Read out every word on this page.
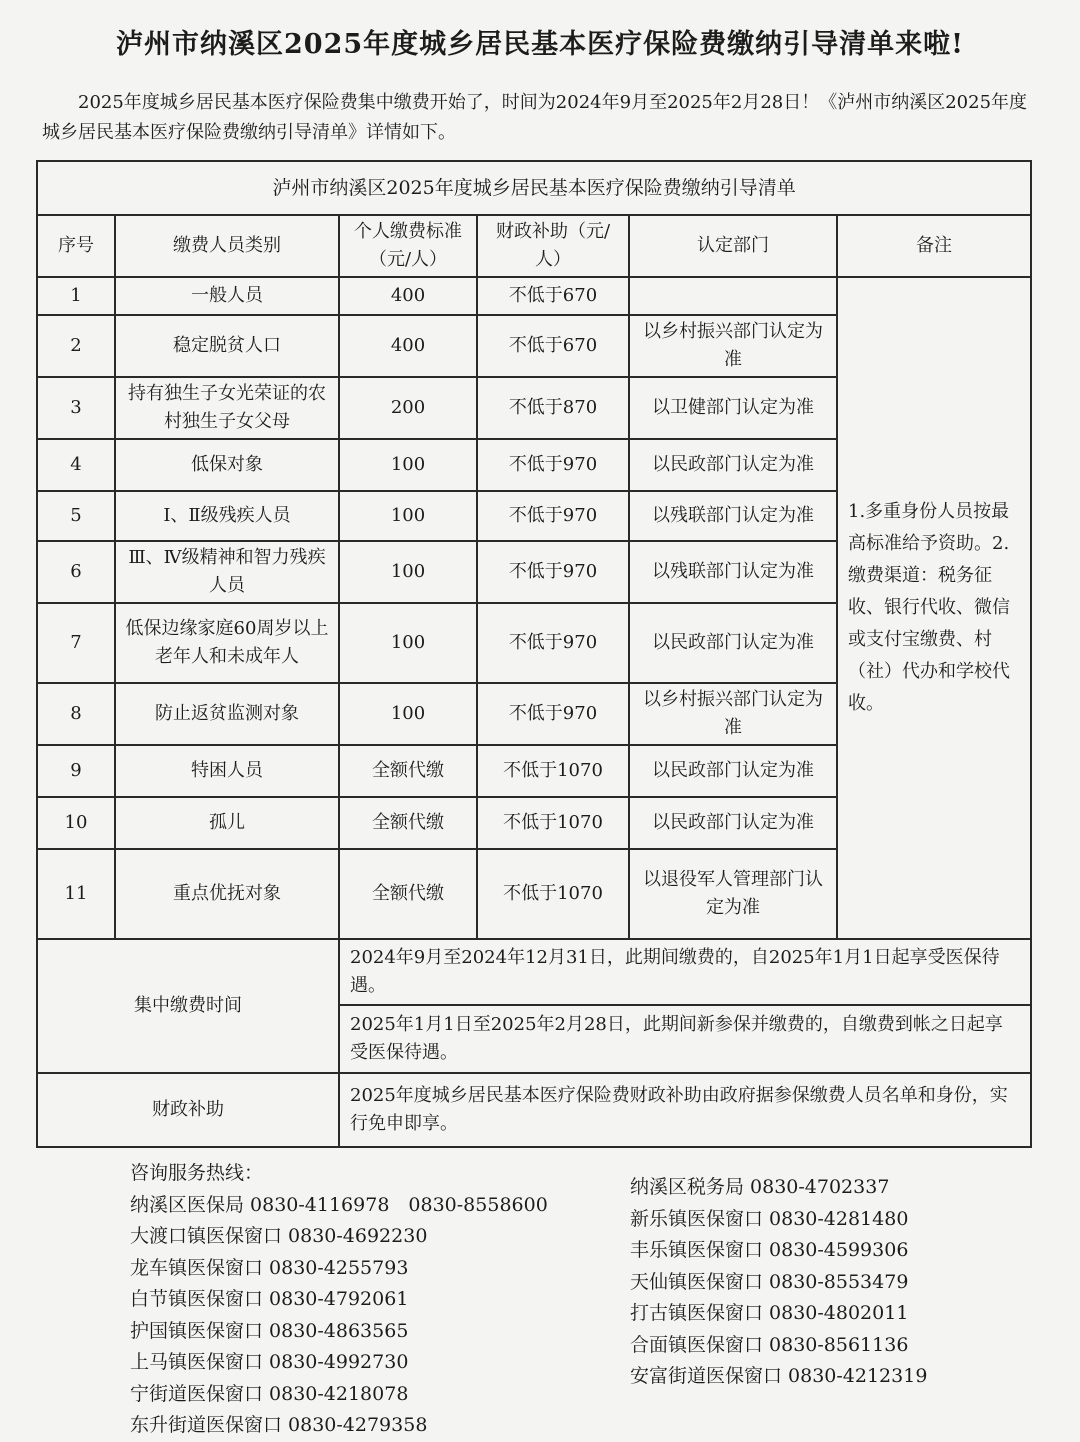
泸州市纳溪区2025年度城乡居民基本医疗保险费缴纳引导清单来啦!
2025年度城乡居民基本医疗保险费集中缴费开始了，时间为2024年9月至2025年2月28日！《泸州市纳溪区2025年度城乡居民基本医疗保险费缴纳引导清单》详情如下。
泸州市纳溪区2025年度城乡居民基本医疗保险费缴纳引导清单					
序号	缴费人员类别	个人缴费标准（元/人）	财政补助（元/人）	认定部门	备注
1	一般人员	400	不低于670		1.多重身份人员按最高标准给予资助。2.缴费渠道：税务征收、银行代收、微信或支付宝缴费、村（社）代办和学校代收。
2	稳定脱贫人口	400	不低于670	以乡村振兴部门认定为准	
3	持有独生子女光荣证的农村独生子女父母	200	不低于870	以卫健部门认定为准	
4	低保对象	100	不低于970	以民政部门认定为准	
5	Ⅰ、Ⅱ级残疾人员	100	不低于970	以残联部门认定为准	
6	Ⅲ、Ⅳ级精神和智力残疾人员	100	不低于970	以残联部门认定为准	
7	低保边缘家庭60周岁以上老年人和未成年人	100	不低于970	以民政部门认定为准	
8	防止返贫监测对象	100	不低于970	以乡村振兴部门认定为准	
9	特困人员	全额代缴	不低于1070	以民政部门认定为准	
10	孤儿	全额代缴	不低于1070	以民政部门认定为准	
11	重点优抚对象	全额代缴	不低于1070	以退役军人管理部门认定为准	
集中缴费时间		2024年9月至2024年12月31日，此期间缴费的，自2025年1月1日起享受医保待遇。			
		2025年1月1日至2025年2月28日，此期间新参保并缴费的，自缴费到帐之日起享受医保待遇。			
财政补助		2025年度城乡居民基本医疗保险费财政补助由政府据参保缴费人员名单和身份，实行免申即享。			
咨询服务热线：
纳溪区医保局 0830-4116978　0830-8558600
大渡口镇医保窗口 0830-4692230
龙车镇医保窗口 0830-4255793
白节镇医保窗口 0830-4792061
护国镇医保窗口 0830-4863565
上马镇医保窗口 0830-4992730
宁街道医保窗口 0830-4218078
东升街道医保窗口 0830-4279358
纳溪区税务局 0830-4702337
新乐镇医保窗口 0830-4281480
丰乐镇医保窗口 0830-4599306
天仙镇医保窗口 0830-8553479
打古镇医保窗口 0830-4802011
合面镇医保窗口 0830-8561136
安富街道医保窗口 0830-4212319
